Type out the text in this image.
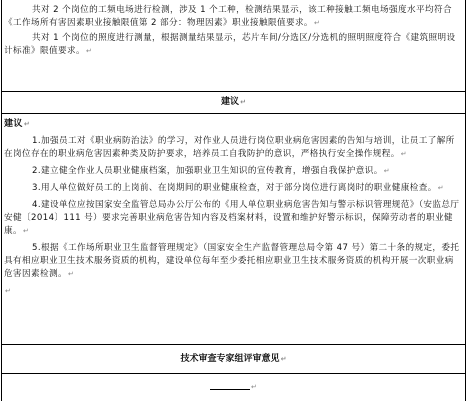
共对 2 个岗位的工频电场进行检测，涉及 1 个工种，检测结果显示，该工种接触工频电场强度水平均符合《工作场所有害因素职业接触限值第 2 部分：物理因素》职业接触限值要求。↵

共对 1 个岗位的照度进行测量，根据测量结果显示，芯片车间/分选区/分选机的照明照度符合《建筑照明设计标准》限值要求。↵

建议↵

建议↵

1.加强员工对《职业病防治法》的学习，对作业人员进行岗位职业病危害因素的告知与培训，让员工了解所在岗位存在的职业病危害因素种类及防护要求，培养员工自我防护的意识，严格执行安全操作规程。↵

2.建立健全作业人员职业健康档案，加强职业卫生知识的宣传教育，增强自我保护意识。↵

3.用人单位做好员工的上岗前、在岗期间的职业健康检查，对于部分岗位进行离岗时的职业健康检查。↵

4.建设单位应按国家安全监管总局办公厅公布的《用人单位职业病危害告知与警示标识管理规范》（安监总厅安健〔2014〕111 号）要求完善职业病危害告知内容及档案材料，设置和维护好警示标识，保障劳动者的职业健康。↵

5.根据《工作场所职业卫生监督管理规定》（国家安全生产监督管理总局令第 47 号）第二十条的规定，委托具有相应职业卫生技术服务资质的机构，建设单位每年至少委托相应职业卫生技术服务资质的机构开展一次职业病危害因素检测。↵

↵

技术审查专家组评审意见↵
↵
